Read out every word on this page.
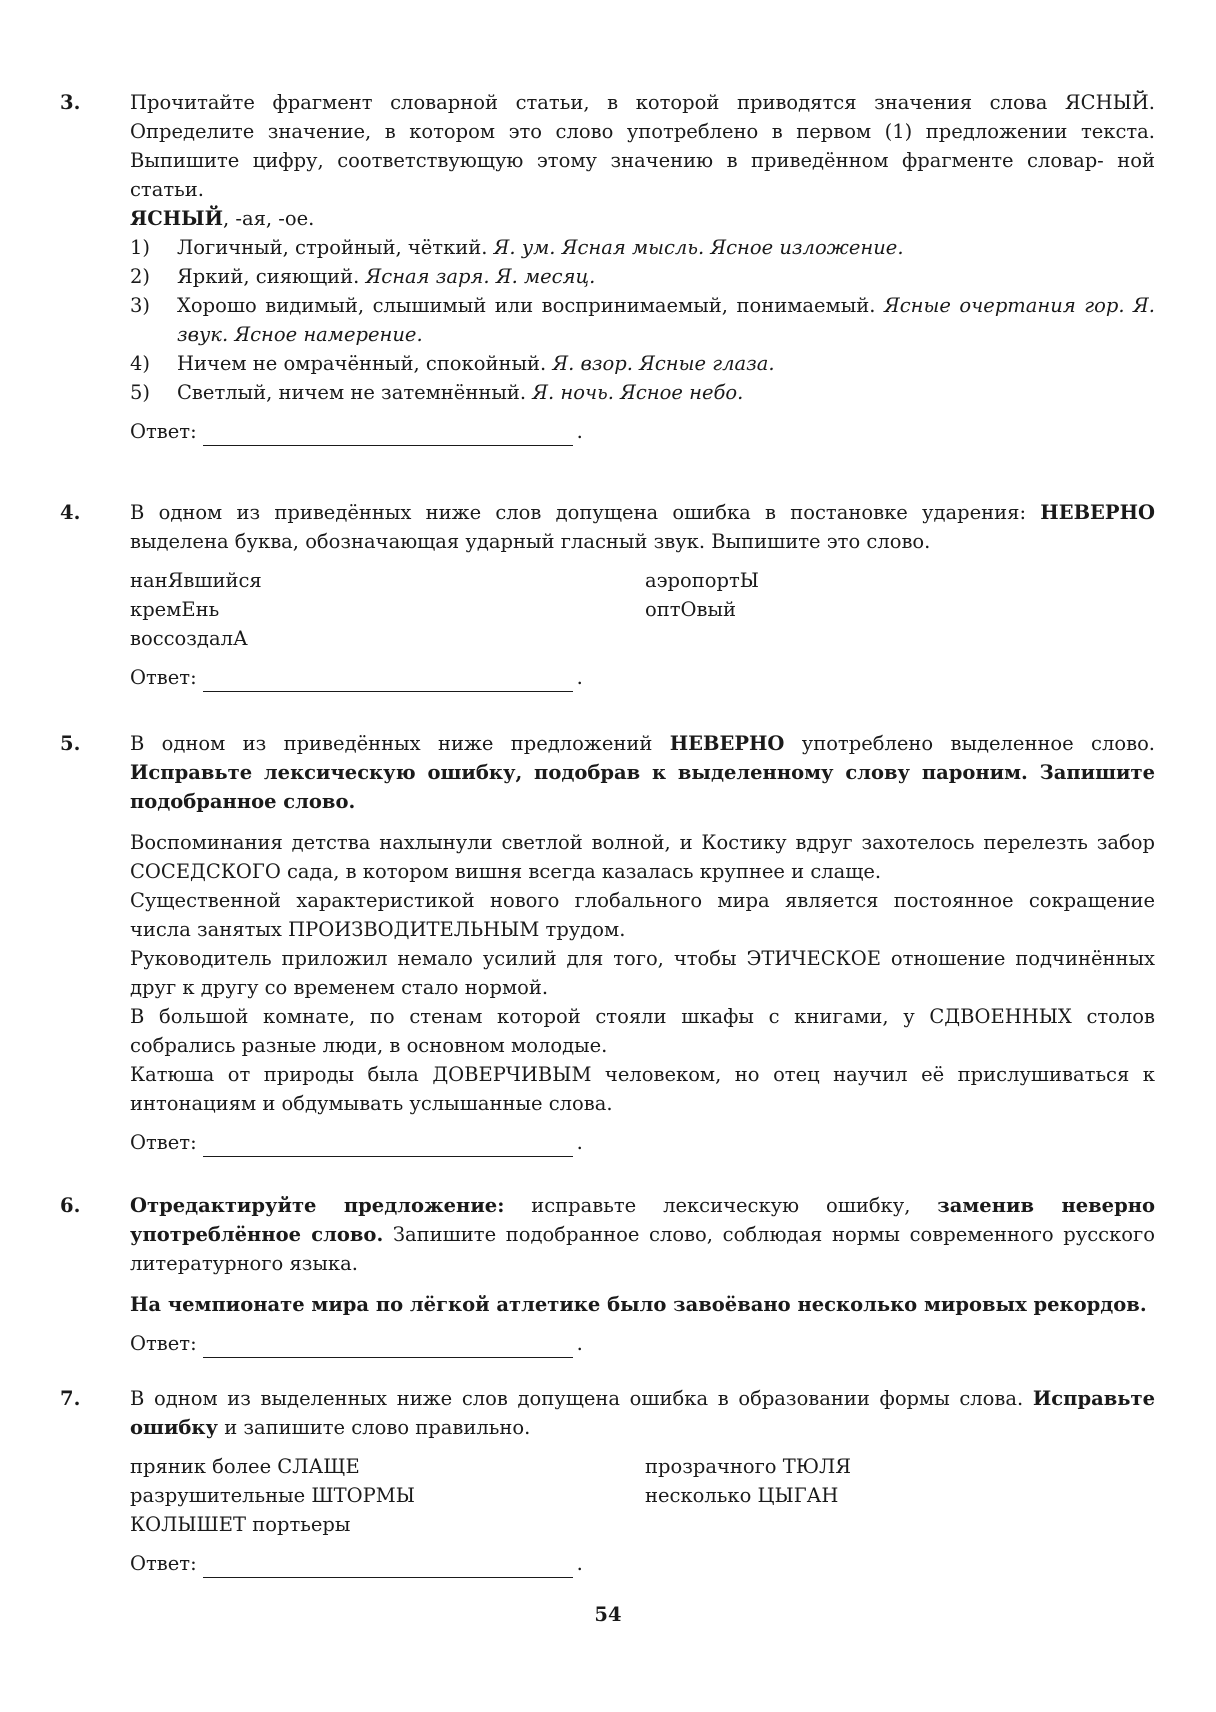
3.	Прочитайте фрагмент словарной статьи, в которой приводятся значения слова ЯСНЫЙ. Определите значение, в котором это слово употреблено в первом (1) предложении текста. Выпишите цифру, соответствующую этому значению в приведённом фрагменте словар- ной статьи.

ЯСНЫЙ, -ая, -ое.

1)	Логичный, стройный, чёткий. Я. ум. Ясная мысль. Ясное изложение.
2)	Яркий, сияющий. Ясная заря. Я. месяц.
3)	Хорошо видимый, слышимый или воспринимаемый, понимаемый. Ясные очертания гор. Я. звук. Ясное намерение.
4)	Ничем не омрачённый, спокойный. Я. взор. Ясные глаза.
5)	Светлый, ничем не затемнённый. Я. ночь. Ясное небо.
Ответ:	.
4.	В одном из приведённых ниже слов допущена ошибка в постановке ударения: НЕВЕРНО выделена буква, обозначающая ударный гласный звук. Выпишите это слово.

нанЯвшийся	аэропортЫ
кремЕнь	оптОвый
воссоздалА
Ответ:	.
5.	В одном из приведённых ниже предложений НЕВЕРНО употреблено выделенное слово. Исправьте лексическую ошибку, подобрав к выделенному слову пароним. Запишите подобранное слово.

Воспоминания детства нахлынули светлой волной, и Костику вдруг захотелось перелезть забор СОСЕДСКОГО сада, в котором вишня всегда казалась крупнее и слаще.

Существенной характеристикой нового глобального мира является постоянное сокращение числа занятых ПРОИЗВОДИТЕЛЬНЫМ трудом.

Руководитель приложил немало усилий для того, чтобы ЭТИЧЕСКОЕ отношение подчинённых друг к другу со временем стало нормой.

В большой комнате, по стенам которой стояли шкафы с книгами, у СДВОЕННЫХ столов собрались разные люди, в основном молодые.

Катюша от природы была ДОВЕРЧИВЫМ человеком, но отец научил её прислушиваться к интонациям и обдумывать услышанные слова.

Ответ:	.
6.	Отредактируйте предложение: исправьте лексическую ошибку, заменив неверно употреблённое слово. Запишите подобранное слово, соблюдая нормы современного русского литературного языка.

На чемпионате мира по лёгкой атлетике было завоёвано несколько мировых рекордов.

Ответ:	.
7.	В одном из выделенных ниже слов допущена ошибка в образовании формы слова. Исправьте ошибку и запишите слово правильно.

пряник более СЛАЩЕ	прозрачного ТЮЛЯ
разрушительные ШТОРМЫ	несколько ЦЫГАН
КОЛЫШЕТ портьеры
Ответ:	.
54
